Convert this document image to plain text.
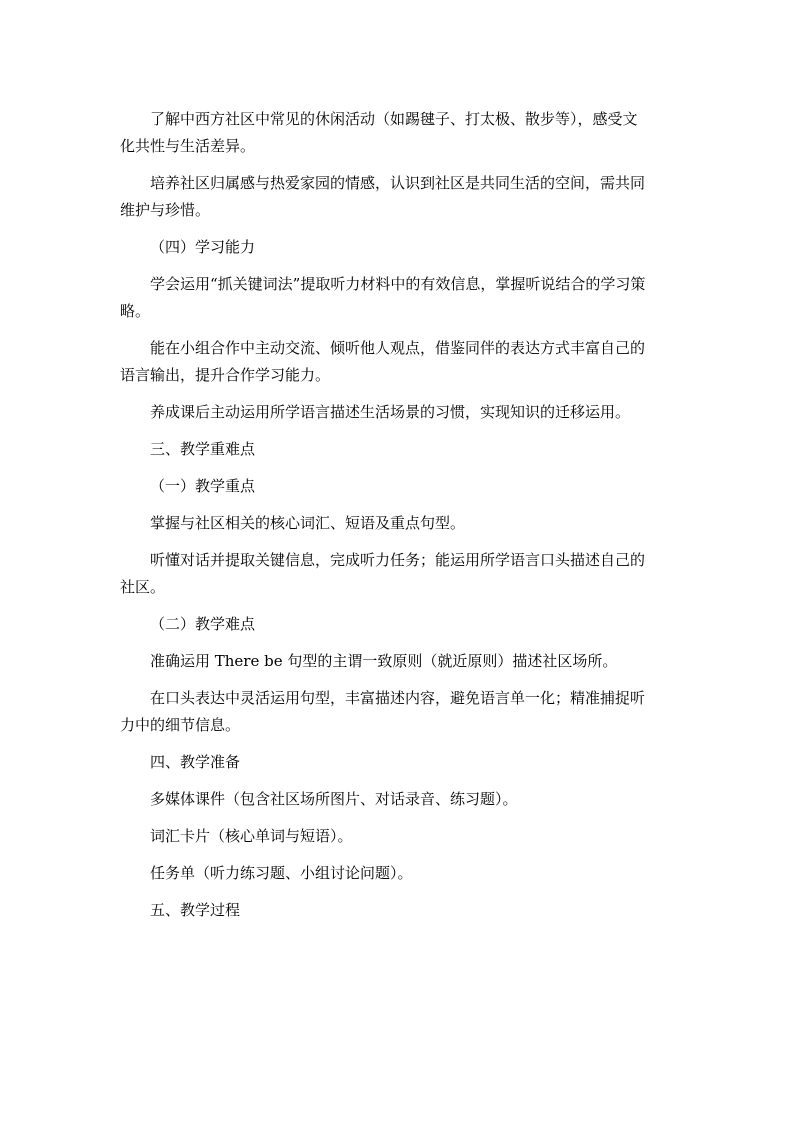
了解中西方社区中常见的休闲活动（如踢毽子、打太极、散步等），感受文
化共性与生活差异。
培养社区归属感与热爱家园的情感，认识到社区是共同生活的空间，需共同
维护与珍惜。
（四）学习能力
学会运用“抓关键词法”提取听力材料中的有效信息，掌握听说结合的学习策
略。
能在小组合作中主动交流、倾听他人观点，借鉴同伴的表达方式丰富自己的
语言输出，提升合作学习能力。
养成课后主动运用所学语言描述生活场景的习惯，实现知识的迁移运用。
三、教学重难点
（一）教学重点
掌握与社区相关的核心词汇、短语及重点句型。
听懂对话并提取关键信息，完成听力任务；能运用所学语言口头描述自己的
社区。
（二）教学难点
准确运用 There be 句型的主谓一致原则（就近原则）描述社区场所。
在口头表达中灵活运用句型，丰富描述内容，避免语言单一化；精准捕捉听
力中的细节信息。
四、教学准备
多媒体课件（包含社区场所图片、对话录音、练习题）。
词汇卡片（核心单词与短语）。
任务单（听力练习题、小组讨论问题）。
五、教学过程
